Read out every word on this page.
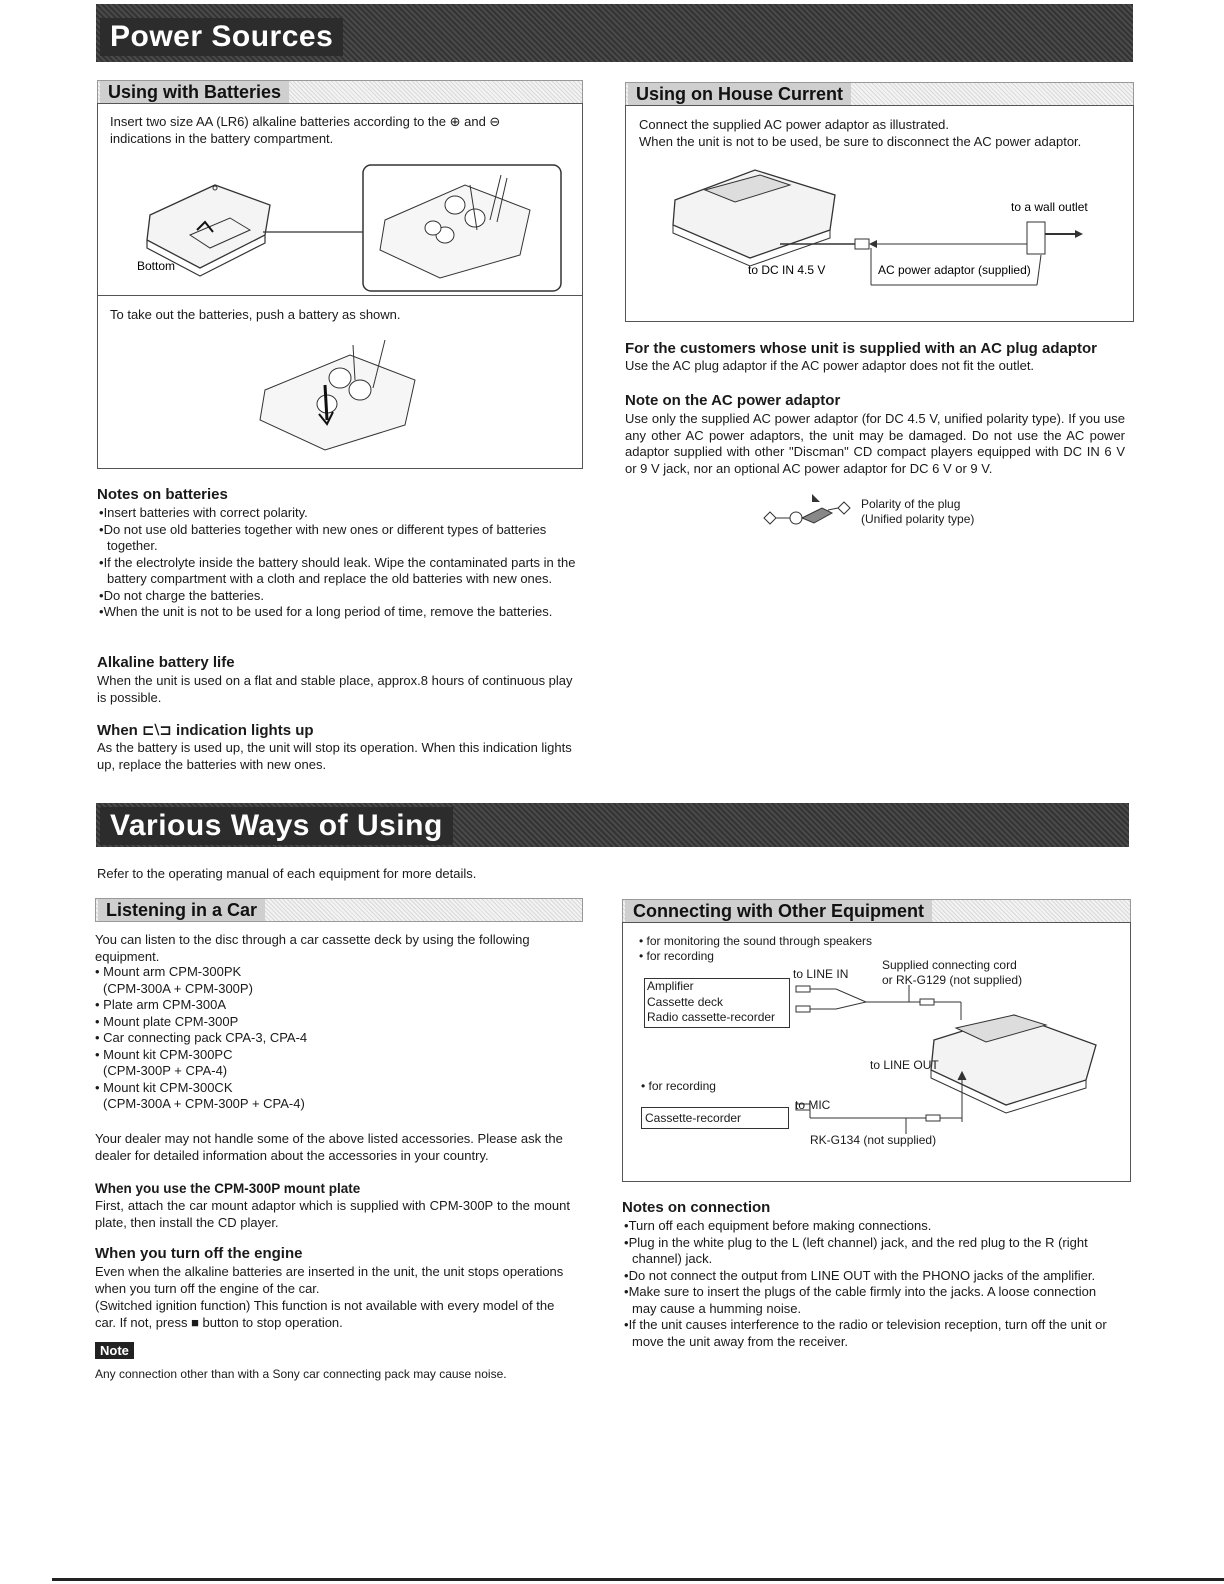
Power Sources
Using with Batteries
Insert two size AA (LR6) alkaline batteries according to the ⊕ and ⊖ indications in the battery compartment.
Bottom
To take out the batteries, push a battery as shown.
Notes on batteries
• Insert batteries with correct polarity.
• Do not use old batteries together with new ones or different types of batteries together.
• If the electrolyte inside the battery should leak. Wipe the contaminated parts in the battery compartment with a cloth and replace the old batteries with new ones.
• Do not charge the batteries.
• When the unit is not to be used for a long period of time, remove the batteries.
Alkaline battery life
When the unit is used on a flat and stable place, approx.8 hours of continuous play is possible.
When ⊏⧵⊐ indication lights up
As the battery is used up, the unit will stop its operation. When this indication lights up, replace the batteries with new ones.
Using on House Current
Connect the supplied AC power adaptor as illustrated.
When the unit is not to be used, be sure to disconnect the AC power adaptor.
to a wall outlet
to DC IN 4.5 V	AC power adaptor (supplied)
For the customers whose unit is supplied with an AC plug adaptor
Use the AC plug adaptor if the AC power adaptor does not fit the outlet.
Note on the AC power adaptor
Use only the supplied AC power adaptor (for DC 4.5 V, unified polarity type). If you use any other AC power adaptors, the unit may be damaged. Do not use the AC power adaptor supplied with other "Discman" CD compact players equipped with DC IN 6 V or 9 V jack, nor an optional AC power adaptor for DC 6 V or 9 V.
Polarity of the plug
(Unified polarity type)
Various Ways of Using
Refer to the operating manual of each equipment for more details.
Listening in a Car
You can listen to the disc through a car cassette deck by using the following equipment.
• Mount arm CPM-300PK
(CPM-300A + CPM-300P)
• Plate arm CPM-300A
• Mount plate CPM-300P
• Car connecting pack CPA-3, CPA-4
• Mount kit CPM-300PC
(CPM-300P + CPA-4)
• Mount kit CPM-300CK
(CPM-300A + CPM-300P + CPA-4)
Your dealer may not handle some of the above listed accessories. Please ask the dealer for detailed information about the accessories in your country.
When you use the CPM-300P mount plate
First, attach the car mount adaptor which is supplied with CPM-300P to the mount plate, then install the CD player.
When you turn off the engine
Even when the alkaline batteries are inserted in the unit, the unit stops operations when you turn off the engine of the car.
(Switched ignition function) This function is not available with every model of the car. If not, press ■ button to stop operation.
Note
Any connection other than with a Sony car connecting pack may cause noise.
Connecting with Other Equipment
• for monitoring the sound through speakers
• for recording
to LINE IN
Supplied connecting cord
or RK-G129 (not supplied)
Amplifier
Cassette deck
Radio cassette-recorder
to LINE OUT
• for recording
to MIC
Cassette-recorder
RK-G134 (not supplied)
Notes on connection
• Turn off each equipment before making connections.
• Plug in the white plug to the L (left channel) jack, and the red plug to the R (right channel) jack.
• Do not connect the output from LINE OUT with the PHONO jacks of the amplifier.
• Make sure to insert the plugs of the cable firmly into the jacks. A loose connection may cause a humming noise.
• If the unit causes interference to the radio or television reception, turn off the unit or move the unit away from the receiver.
